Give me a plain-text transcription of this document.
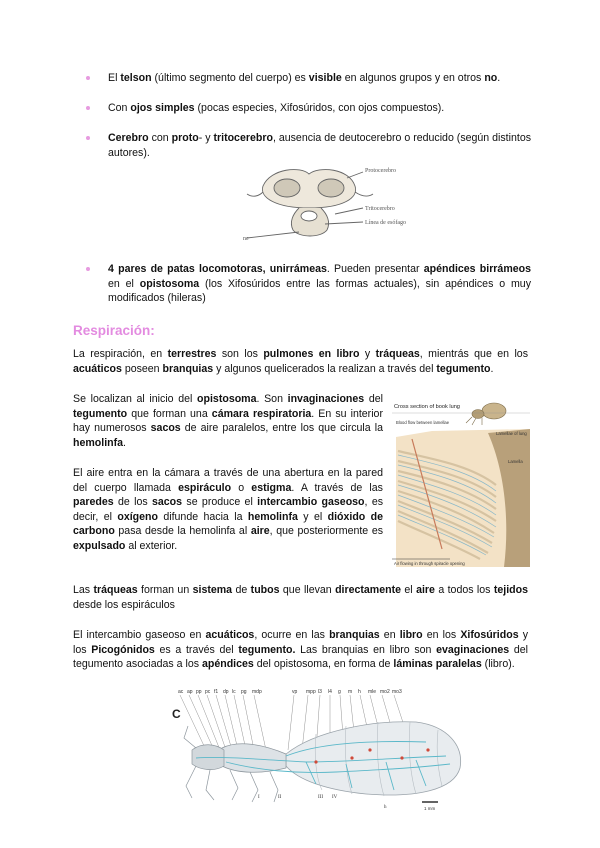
El telson (último segmento del cuerpo) es visible en algunos grupos y en otros no.
Con ojos simples (pocas especies, Xifosúridos, con ojos compuestos).
Cerebro con proto- y tritocerebro, ausencia de deutocerebro o reducido (según distintos autores).
Protocerebro
Tritocerebro
Línea de esófago
ne
4 pares de patas locomotoras, unirrámeas. Pueden presentar apéndices birrámeos en el opistosoma (los Xifosúridos entre las formas actuales), sin apéndices o muy modificados (hileras)
Respiración:
La respiración, en terrestres son los pulmones en libro y tráqueas, mientrás que en los acuáticos poseen branquias y algunos quelicerados la realizan a través del tegumento.
Se localizan al inicio del opistosoma. Son invaginaciones del tegumento que forman una cámara respiratoria. En su interior hay numerosos sacos de aire paralelos, entre los que circula la hemolinfa.
El aire entra en la cámara a través de una abertura en la pared del cuerpo llamada espiráculo o estigma. A través de las paredes de los sacos se produce el intercambio gaseoso, es decir, el oxígeno difunde hacia la hemolinfa y el dióxido de carbono pasa desde la hemolinfa al aire, que posteriormente es expulsado al exterior.
Cross section of book lung
Blood flow between lamellae
Lamellae of lung
Lamella
Air flowing in through spiracle opening
Las tráqueas forman un sistema de tubos que llevan directamente el aire a todos los tejidos desde los espiráculos
El intercambio gaseoso en acuáticos, ocurre en las branquias en libro en los Xifosúridos y los Picogónidos es a través del tegumento. Las branquias en libro son evaginaciones del tegumento asociadas a los apéndices del opistosoma, en forma de láminas paralelas (libro).
C
ac ap pp pc f1 dp lc pg mdp	vp mpp l3 l4 g m h mle mo2 mo3
I	II	III IV
h	1 mm
